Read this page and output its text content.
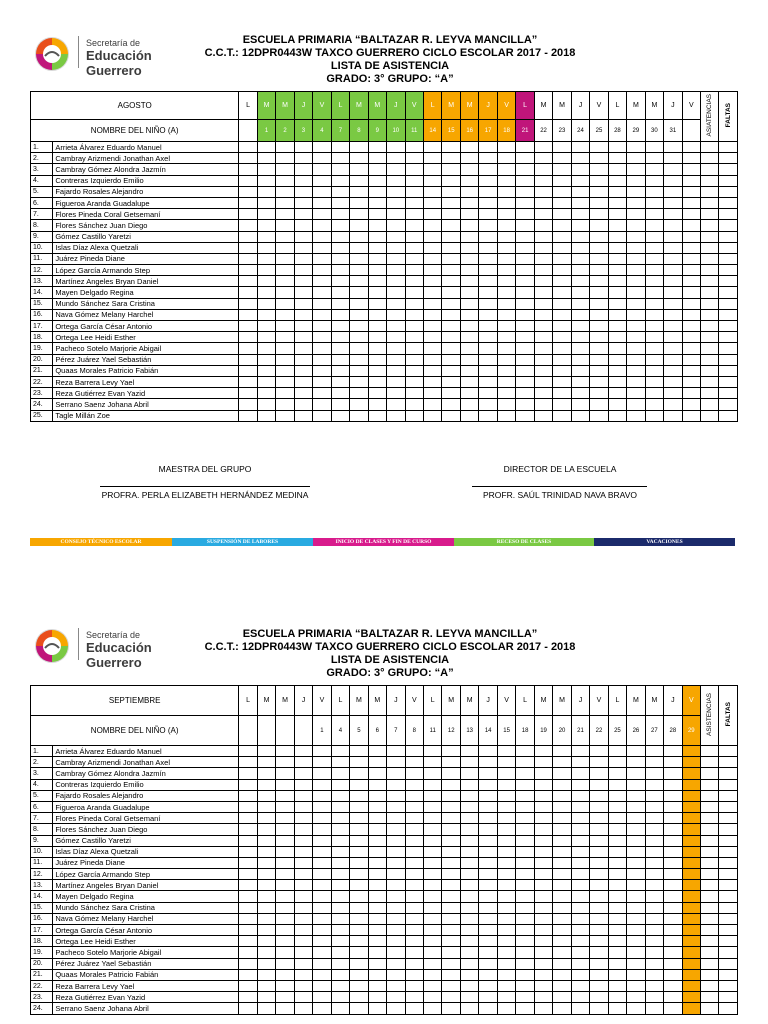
Secretaría de
Educación Guerrero
ESCUELA PRIMARIA “BALTAZAR R. LEYVA MANCILLA”
C.C.T.: 12DPR0443W TAXCO GUERRERO CICLO ESCOLAR 2017 - 2018
LISTA DE ASISTENCIA
GRADO: 3° GRUPO: “A”
AGOSTO		L	M	M	J	V	L	M	M	J	V	L	M	M	J	V	L	M	M	J	V	L	M	M	J	V	ASIATENCIAS	FALTAS
NOMBRE DEL NIÑO (A)			1	2	3	4	7	8	9	10	11	14	15	16	17	18	21	22	23	24	25	28	29	30	31			
1.	Arrieta Álvarez Eduardo Manuel																											
2.	Cambray Arizmendi Jonathan Axel																											
3.	Cambray Gómez Alondra Jazmín																											
4.	Contreras Izquierdo Emilio																											
5.	Fajardo Rosales Alejandro																											
6.	Figueroa Aranda Guadalupe																											
7.	Flores Pineda Coral Getsemaní																											
8.	Flores Sánchez Juan Diego																											
9.	Gómez Castillo Yaretzi																											
10.	Islas Díaz Alexa Quetzali																											
11.	Juárez Pineda Diane																											
12.	López García Armando Step																											
13.	Martínez Angeles Bryan Daniel																											
14.	Mayen Delgado Regina																											
15.	Mundo Sánchez Sara Cristina																											
16.	Nava Gómez Melany Harchel																											
17.	Ortega García César Antonio																											
18.	Ortega Lee Heidi Esther																											
19.	Pacheco Sotelo Marjorie Abigail																											
20.	Pérez Juárez Yael Sebastián																											
21.	Quaas Morales Patricio Fabián																											
22.	Reza Barrera Levy Yael																											
23.	Reza Gutiérrez Evan Yazid																											
24.	Serrano Saenz Johana Abril																											
25.	Tagle Millán Zoe																											
MAESTRA DEL GRUPO
PROFRA. PERLA ELIZABETH HERNÁNDEZ MEDINA
DIRECTOR DE LA ESCUELA
PROFR. SAÚL TRINIDAD NAVA BRAVO
CONSEJO TÉCNICO ESCOLAR	SUSPENSIÓN DE LABORES	INICIO DE CLASES Y FIN DE CURSO	RECESO DE CLASES	VACACIONES
Secretaría de
Educación Guerrero
ESCUELA PRIMARIA “BALTAZAR R. LEYVA MANCILLA”
C.C.T.: 12DPR0443W TAXCO GUERRERO CICLO ESCOLAR 2017 - 2018
LISTA DE ASISTENCIA
GRADO: 3° GRUPO: “A”
SEPTIEMBRE		L	M	M	J	V	L	M	M	J	V	L	M	M	J	V	L	M	M	J	V	L	M	M	J	V	ASISTENCIAS	FALTAS
NOMBRE DEL NIÑO (A)						1	4	5	6	7	8	11	12	13	14	15	18	19	20	21	22	25	26	27	28	29		
1.	Arrieta Álvarez Eduardo Manuel																											
2.	Cambray Arizmendi Jonathan Axel																											
3.	Cambray Gómez Alondra Jazmín																											
4.	Contreras Izquierdo Emilio																											
5.	Fajardo Rosales Alejandro																											
6.	Figueroa Aranda Guadalupe																											
7.	Flores Pineda Coral Getsemaní																											
8.	Flores Sánchez Juan Diego																											
9.	Gómez Castillo Yaretzi																											
10.	Islas Díaz Alexa Quetzali																											
11.	Juárez Pineda Diane																											
12.	López García Armando Step																											
13.	Martínez Angeles Bryan Daniel																											
14.	Mayen Delgado Regina																											
15.	Mundo Sánchez Sara Cristina																											
16.	Nava Gómez Melany Harchel																											
17.	Ortega García César Antonio																											
18.	Ortega Lee Heidi Esther																											
19.	Pacheco Sotelo Marjorie Abigail																											
20.	Pérez Juárez Yael Sebastián																											
21.	Quaas Morales Patricio Fabián																											
22.	Reza Barrera Levy Yael																											
23.	Reza Gutiérrez Evan Yazid																											
24.	Serrano Saenz Johana Abril																											
